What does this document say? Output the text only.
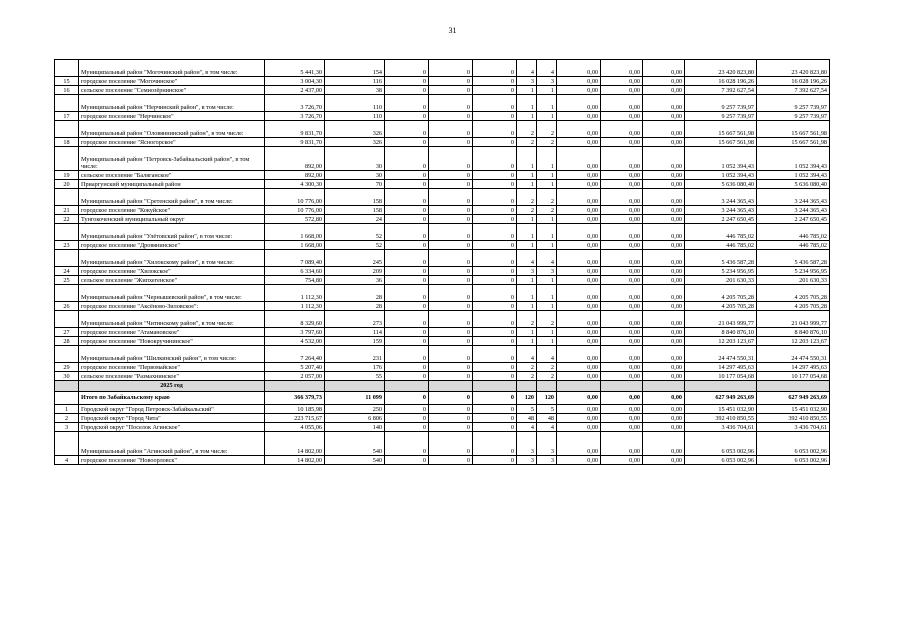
31
	Муниципальный район "Могочинский район", в том числе:	5 441,30	154	0	0	0	4	4	0,00	0,00	0,00	23 420 823,80	23 420 823,80
15	городское поселение "Могочинское"	3 004,30	116	0	0	0	3	3	0,00	0,00	0,00	16 028 196,26	16 028 196,26
16	сельское поселение "Семиозёрнинское"	2 437,00	38	0	0	0	1	1	0,00	0,00	0,00	7 392 627,54	7 392 627,54
	Муниципальный район "Нерчинский район", в том числе:	3 726,70	110	0	0	0	1	1	0,00	0,00	0,00	9 257 739,97	9 257 739,97
17	городское поселение "Нерчинское"	3 726,70	110	0	0	0	1	1	0,00	0,00	0,00	9 257 739,97	9 257 739,97
	Муниципальный район "Оловяннинский район", в том числе:	9 831,70	326	0	0	0	2	2	0,00	0,00	0,00	15 667 561,98	15 667 561,98
18	городское поселение "Ясногорское"	9 831,70	326	0	0	0	2	2	0,00	0,00	0,00	15 667 561,98	15 667 561,98
	Муниципальный район "Петровск-Забайкальский район", в том числе:	892,00	30	0	0	0	1	1	0,00	0,00	0,00	1 052 394,43	1 052 394,43
19	сельское поселение "Баляганское"	892,00	30	0	0	0	1	1	0,00	0,00	0,00	1 052 394,43	1 052 394,43
20	Приаргунский муниципальный район	4 300,30	70	0	0	0	1	1	0,00	0,00	0,00	5 636 080,40	5 636 080,40
	Муниципальный район "Сретенский район", в том числе:	10 776,00	158	0	0	0	2	2	0,00	0,00	0,00	3 244 365,43	3 244 365,43
21	городское поселение "Кокуйское"	10 776,00	158	0	0	0	2	2	0,00	0,00	0,00	3 244 365,43	3 244 365,43
22	Тунгокоченский муниципальный округ	572,80	24	0	0	0	1	1	0,00	0,00	0,00	2 247 650,45	2 247 650,45
	Муниципальный район "Улётовский район", в том числе:	1 668,00	52	0	0	0	1	1	0,00	0,00	0,00	446 785,02	446 785,02
23	городское поселение "Дровянинское"	1 668,00	52	0	0	0	1	1	0,00	0,00	0,00	446 785,02	446 785,02
	Муниципальный район "Хилокскому район", в том числе:	7 089,40	245	0	0	0	4	4	0,00	0,00	0,00	5 436 587,28	5 436 587,28
24	городское поселение "Хилокское"	6 334,60	209	0	0	0	3	3	0,00	0,00	0,00	5 234 956,95	5 234 956,95
25	сельское поселение "Жипхегенское"	754,80	36	0	0	0	1	1	0,00	0,00	0,00	201 630,33	201 630,33
	Муниципальный район "Чернышевский район", в том числе:	1 112,30	28	0	0	0	1	1	0,00	0,00	0,00	4 205 705,28	4 205 705,28
26	городское поселение "Аксёново-Зиловское":	1 112,30	28	0	0	0	1	1	0,00	0,00	0,00	4 205 705,28	4 205 705,28
	Муниципальный район "Читинскому район", в том числе:	8 329,60	273	0	0	0	2	2	0,00	0,00	0,00	21 043 999,77	21 043 999,77
27	городское поселение "Атамановское"	3 797,60	114	0	0	0	1	1	0,00	0,00	0,00	8 840 876,10	8 840 876,10
28	городское поселение "Новокручининское"	4 532,00	159	0	0	0	1	1	0,00	0,00	0,00	12 203 123,67	12 203 123,67
	Муниципальный район "Шилкинский район", в том числе:	7 264,40	231	0	0	0	4	4	0,00	0,00	0,00	24 474 550,31	24 474 550,31
29	городское поселение "Первомайское"	5 207,40	176	0	0	0	2	2	0,00	0,00	0,00	14 297 495,63	14 297 495,63
30	сельское поселение "Размахнинское"	2 057,00	55	0	0	0	2	2	0,00	0,00	0,00	10 177 054,68	10 177 054,68
	2025 год												
	Итого по Забайкальскому краю	366 379,73	11 099	0	0	0	120	120	0,00	0,00	0,00	627 949 263,69	627 949 263,69
1	Городской округ "Город Петровск-Забайкальский"	10 185,98	250	0	0	0	5	5	0,00	0,00	0,00	15 451 032,90	15 451 032,90
2	Городской округ "Город Чита"	223 715,67	6 806	0	0	0	48	48	0,00	0,00	0,00	392 410 850,55	392 410 850,55
3	Городской округ "Поселок Агинское"	4 055,06	140	0	0	0	4	4	0,00	0,00	0,00	3 436 704,61	3 436 704,61
	Муниципальный район "Агинский район", в том числе:	14 802,00	540	0	0	0	3	3	0,00	0,00	0,00	6 053 002,96	6 053 002,96
4	городское поселение "Новоорловск"	14 802,00	540	0	0	0	3	3	0,00	0,00	0,00	6 053 002,96	6 053 002,96
